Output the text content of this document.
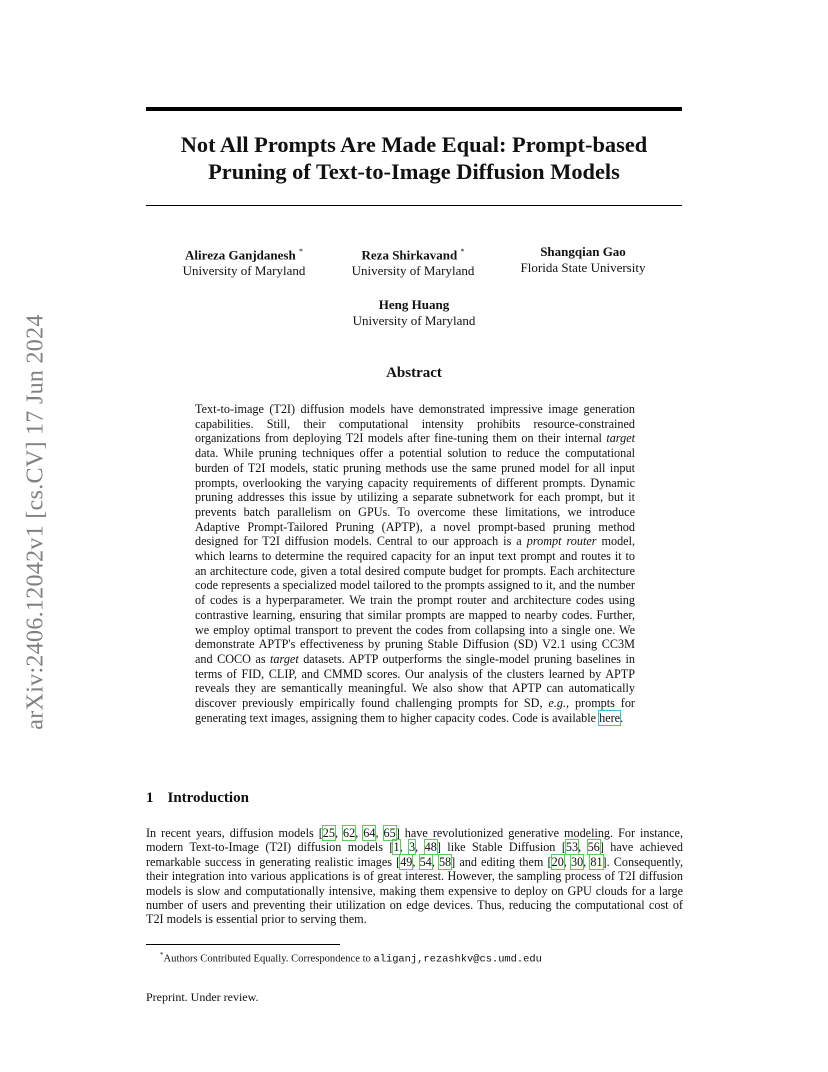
arXiv:2406.12042v1 [cs.CV] 17 Jun 2024
Not All Prompts Are Made Equal: Prompt-based
Pruning of Text-to-Image Diffusion Models
Alireza Ganjdanesh *
University of Maryland
Reza Shirkavand *
University of Maryland
Shangqian Gao
Florida State University
Heng Huang
University of Maryland
Abstract

Text-to-image (T2I) diffusion models have demonstrated impressive image generation capabilities. Still, their computational intensity prohibits resource-constrained organizations from deploying T2I models after fine-tuning them on their internal target data. While pruning techniques offer a potential solution to reduce the computational burden of T2I models, static pruning methods use the same pruned model for all input prompts, overlooking the varying capacity requirements of different prompts. Dynamic pruning addresses this issue by utilizing a separate subnetwork for each prompt, but it prevents batch parallelism on GPUs. To overcome these limitations, we introduce Adaptive Prompt-Tailored Pruning (APTP), a novel prompt-based pruning method designed for T2I diffusion models. Central to our approach is a prompt router model, which learns to determine the required capacity for an input text prompt and routes it to an architecture code, given a total desired compute budget for prompts. Each architecture code represents a specialized model tailored to the prompts assigned to it, and the number of codes is a hyperparameter. We train the prompt router and architecture codes using contrastive learning, ensuring that similar prompts are mapped to nearby codes. Further, we employ optimal transport to prevent the codes from collapsing into a single one. We demonstrate APTP's effectiveness by pruning Stable Diffusion (SD) V2.1 using CC3M and COCO as target datasets. APTP outperforms the single-model pruning baselines in terms of FID, CLIP, and CMMD scores. Our analysis of the clusters learned by APTP reveals they are semantically meaningful. We also show that APTP can automatically discover previously empirically found challenging prompts for SD, e.g., prompts for generating text images, assigning them to higher capacity codes. Code is available here.

1 Introduction

In recent years, diffusion models [25, 62, 64, 65] have revolutionized generative modeling. For instance, modern Text-to-Image (T2I) diffusion models [1, 3, 48] like Stable Diffusion [53, 56] have achieved remarkable success in generating realistic images [49, 54, 58] and editing them [20, 30, 81]. Consequently, their integration into various applications is of great interest. However, the sampling process of T2I diffusion models is slow and computationally intensive, making them expensive to deploy on GPU clouds for a large number of users and preventing their utilization on edge devices. Thus, reducing the computational cost of T2I models is essential prior to serving them.

*Authors Contributed Equally. Correspondence to aliganj,rezashkv@cs.umd.edu

Preprint. Under review.
